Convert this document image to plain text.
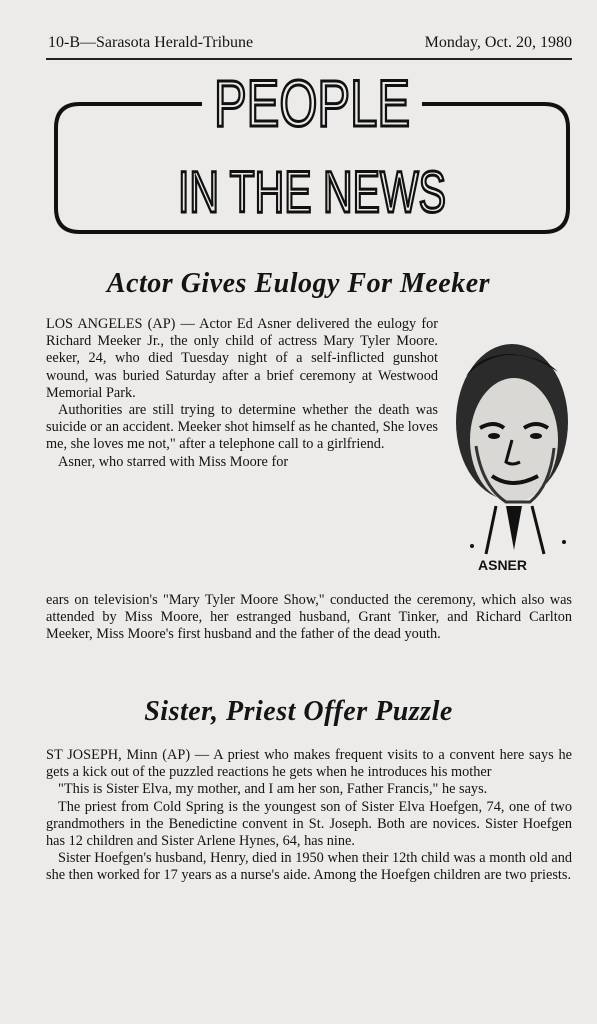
10-B—Sarasota Herald-Tribune	Monday, Oct. 20, 1980
PEOPLE
IN THE NEWS
Actor Gives Eulogy For Meeker

LOS ANGELES (AP) — Actor Ed Asner delivered the eulogy for Richard Meeker Jr., the only child of actress Mary Tyler Moore. eeker, 24, who died Tuesday night of a self-inflicted gunshot wound, was buried Saturday after a brief ceremony at Westwood Memorial Park.

Authorities are still trying to determine whether the death was suicide or an accident. Meeker shot himself as he chanted, She loves me, she loves me not," after a telephone call to a girlfriend.

Asner, who starred with Miss Moore for

ears on television's "Mary Tyler Moore Show," conducted the ceremony, which also was attended by Miss Moore, her estranged husband, Grant Tinker, and Richard Carlton Meeker, Miss Moore's first husband and the father of the dead youth.

ASNER
Sister, Priest Offer Puzzle

ST JOSEPH, Minn (AP) — A priest who makes frequent visits to a convent here says he gets a kick out of the puzzled reactions he gets when he introduces his mother

"This is Sister Elva, my mother, and I am her son, Father Francis," he says.

The priest from Cold Spring is the youngest son of Sister Elva Hoefgen, 74, one of two grandmothers in the Benedictine convent in St. Joseph. Both are novices. Sister Hoefgen has 12 children and Sister Arlene Hynes, 64, has nine.

Sister Hoefgen's husband, Henry, died in 1950 when their 12th child was a month old and she then worked for 17 years as a nurse's aide. Among the Hoefgen children are two priests.
